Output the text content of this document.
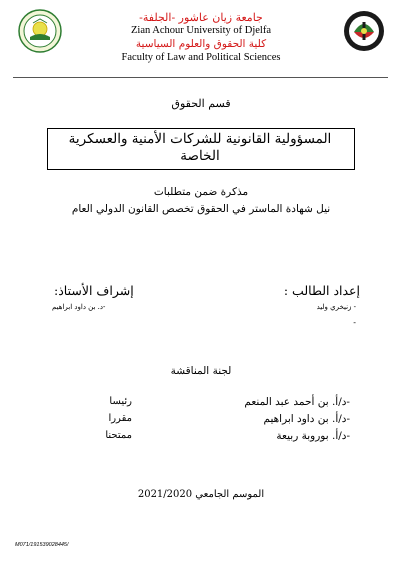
جامعة زيان عاشور -الجلفة-
Zian Achour University of Djelfa
كلية الحقوق والعلوم السياسية
Faculty of Law and Political Sciences
قسم الحقوق
المسؤولية القانونية للشركات الأمنية والعسكرية الخاصة
مذكرة ضمن متطلبات
نيل شهادة الماستر في الحقوق تخصص القانون الدولي العام
إعداد الطالب :
- زنيخري وليد
-
إشراف الأستاذ:
-د. بن داود ابراهيم
لجنة المناقشة
-د/أ. بن أحمد عبد المنعم
رئيسا
-د/أ. بن داود ابراهيم
مقررا
-د/أ. بوروبة ربيعة
ممتحنا
الموسم الجامعي 2021/2020
M071/191539028445/
